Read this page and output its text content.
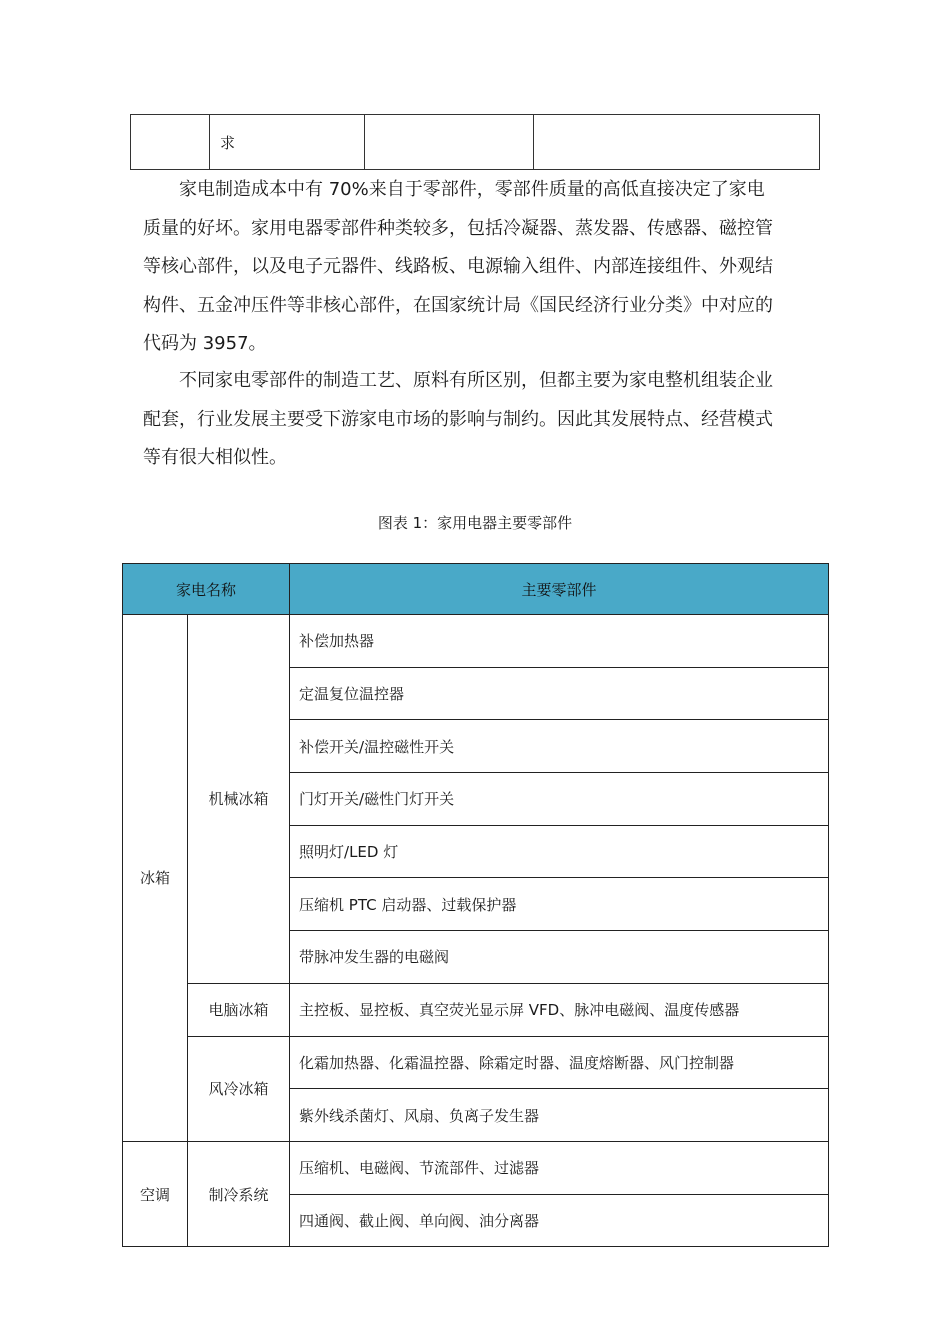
	求		
家电制造成本中有 70%来自于零部件，零部件质量的高低直接决定了家电
质量的好坏。家用电器零部件种类较多，包括冷凝器、蒸发器、传感器、磁控管
等核心部件，以及电子元器件、线路板、电源输入组件、内部连接组件、外观结
构件、五金冲压件等非核心部件，在国家统计局《国民经济行业分类》中对应的
代码为 3957。
不同家电零部件的制造工艺、原料有所区别，但都主要为家电整机组装企业
配套，行业发展主要受下游家电市场的影响与制约。因此其发展特点、经营模式
等有很大相似性。

图表 1：家用电器主要零部件

家电名称		主要零部件
冰箱	机械冰箱	补偿加热器
		定温复位温控器
		补偿开关/温控磁性开关
		门灯开关/磁性门灯开关
		照明灯/LED 灯
		压缩机 PTC 启动器、过载保护器
		带脉冲发生器的电磁阀
	电脑冰箱	主控板、显控板、真空荧光显示屏 VFD、脉冲电磁阀、温度传感器
	风冷冰箱	化霜加热器、化霜温控器、除霜定时器、温度熔断器、风门控制器
		紫外线杀菌灯、风扇、负离子发生器
空调	制冷系统	压缩机、电磁阀、节流部件、过滤器
		四通阀、截止阀、单向阀、油分离器
